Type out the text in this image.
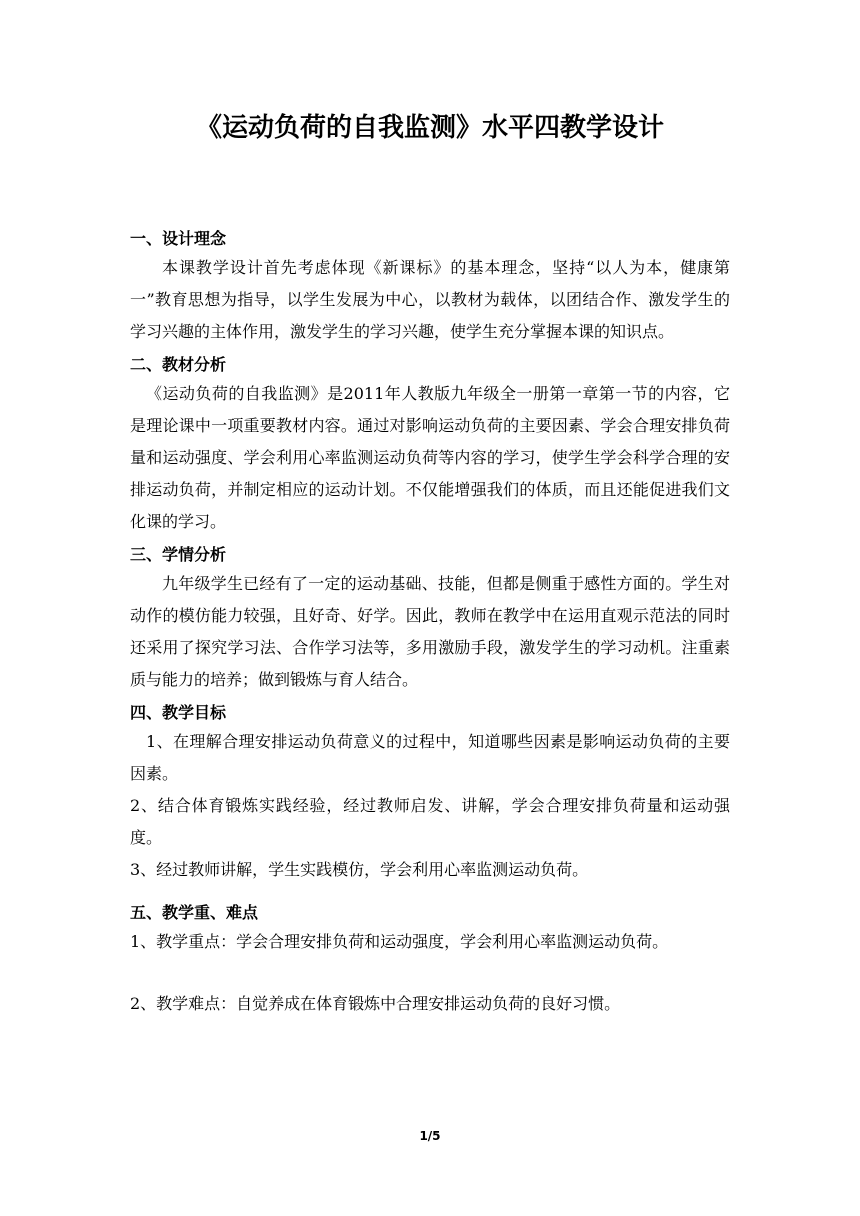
《运动负荷的自我监测》水平四教学设计

一、设计理念

本课教学设计首先考虑体现《新课标》的基本理念，坚持“以人为本，健康第一”教育思想为指导，以学生发展为中心，以教材为载体，以团结合作、激发学生的学习兴趣的主体作用，激发学生的学习兴趣，使学生充分掌握本课的知识点。

二、教材分析

《运动负荷的自我监测》是2011年人教版九年级全一册第一章第一节的内容，它是理论课中一项重要教材内容。通过对影响运动负荷的主要因素、学会合理安排负荷量和运动强度、学会利用心率监测运动负荷等内容的学习，使学生学会科学合理的安排运动负荷，并制定相应的运动计划。不仅能增强我们的体质，而且还能促进我们文化课的学习。

三、学情分析

九年级学生已经有了一定的运动基础、技能，但都是侧重于感性方面的。学生对动作的模仿能力较强，且好奇、好学。因此，教师在教学中在运用直观示范法的同时还采用了探究学习法、合作学习法等，多用激励手段，激发学生的学习动机。注重素质与能力的培养；做到锻炼与育人结合。

四、教学目标

1、在理解合理安排运动负荷意义的过程中，知道哪些因素是影响运动负荷的主要因素。

2、结合体育锻炼实践经验，经过教师启发、讲解，学会合理安排负荷量和运动强度。

3、经过教师讲解，学生实践模仿，学会利用心率监测运动负荷。

五、教学重、难点

1、教学重点：学会合理安排负荷和运动强度，学会利用心率监测运动负荷。

2、教学难点：自觉养成在体育锻炼中合理安排运动负荷的良好习惯。

1/5
